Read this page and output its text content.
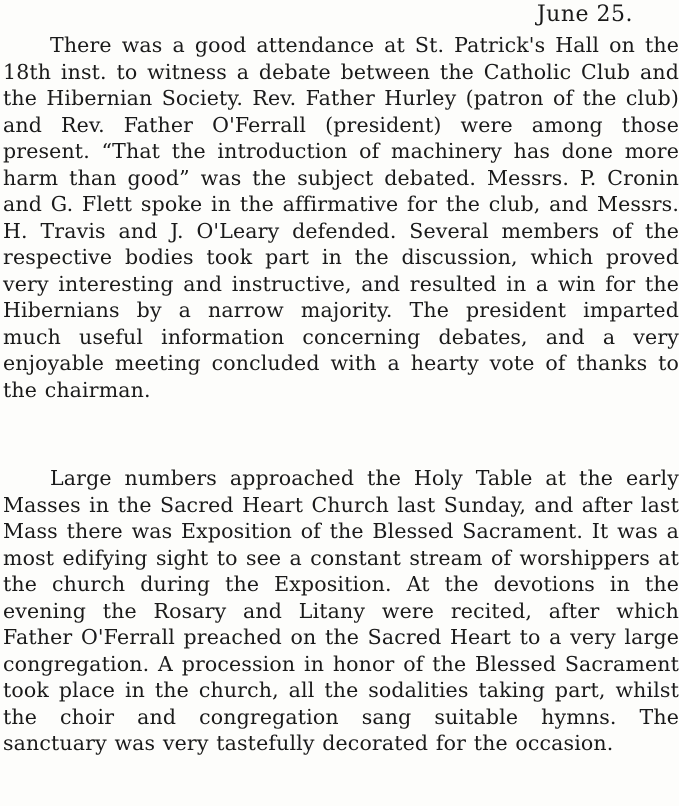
June 25.

There was a good attendance at St. Patrick's Hall on the 18th inst. to witness a debate between the Catholic Club and the Hibernian Society. Rev. Father Hurley (patron of the club) and Rev. Father O'Ferrall (president) were among those present. “That the introduction of machinery has done more harm than good” was the subject debated. Messrs. P. Cronin and G. Flett spoke in the affirmative for the club, and Messrs. H. Travis and J. O'Leary defended. Several members of the respective bodies took part in the discussion, which proved very interesting and instructive, and resulted in a win for the Hibernians by a narrow majority. The president imparted much useful information concerning debates, and a very enjoyable meeting concluded with a hearty vote of thanks to the chairman.

Large numbers approached the Holy Table at the early Masses in the Sacred Heart Church last Sunday, and after last Mass there was Exposition of the Blessed Sacrament. It was a most edifying sight to see a constant stream of worshippers at the church during the Exposition. At the devotions in the evening the Rosary and Litany were recited, after which Father O'Ferrall preached on the Sacred Heart to a very large congregation. A procession in honor of the Blessed Sacrament took place in the church, all the sodalities taking part, whilst the choir and congregation sang suitable hymns. The sanctuary was very tastefully decorated for the occasion.
